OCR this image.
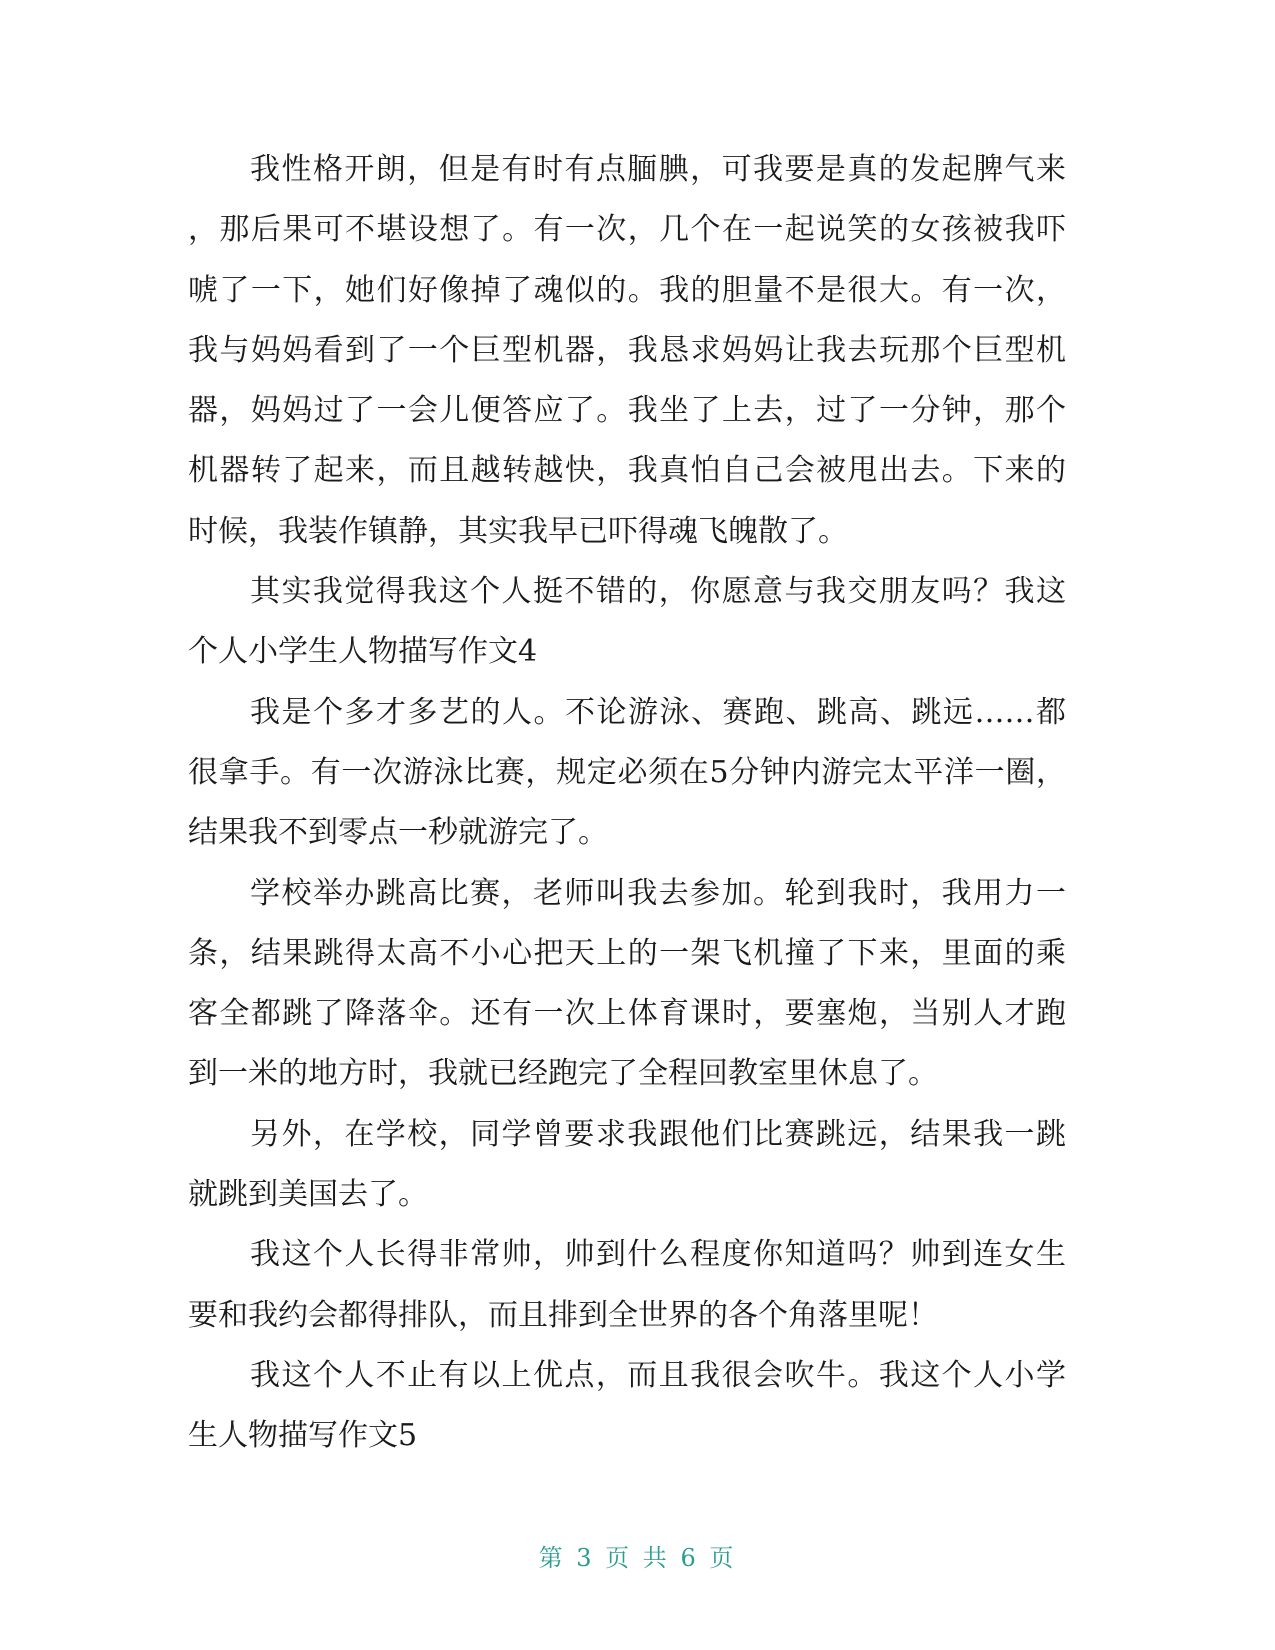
我性格开朗，但是有时有点腼腆，可我要是真的发起脾气来
，那后果可不堪设想了。有一次，几个在一起说笑的女孩被我吓
唬了一下，她们好像掉了魂似的。我的胆量不是很大。有一次，
我与妈妈看到了一个巨型机器，我恳求妈妈让我去玩那个巨型机
器，妈妈过了一会儿便答应了。我坐了上去，过了一分钟，那个
机器转了起来，而且越转越快，我真怕自己会被甩出去。下来的
时候，我装作镇静，其实我早已吓得魂飞魄散了。
其实我觉得我这个人挺不错的，你愿意与我交朋友吗？我这
个人小学生人物描写作文4
我是个多才多艺的人。不论游泳、赛跑、跳高、跳远……都
很拿手。有一次游泳比赛，规定必须在5分钟内游完太平洋一圈，
结果我不到零点一秒就游完了。
学校举办跳高比赛，老师叫我去参加。轮到我时，我用力一
条，结果跳得太高不小心把天上的一架飞机撞了下来，里面的乘
客全都跳了降落伞。还有一次上体育课时，要塞炮，当别人才跑
到一米的地方时，我就已经跑完了全程回教室里休息了。
另外，在学校，同学曾要求我跟他们比赛跳远，结果我一跳
就跳到美国去了。
我这个人长得非常帅，帅到什么程度你知道吗？帅到连女生
要和我约会都得排队，而且排到全世界的各个角落里呢！
我这个人不止有以上优点，而且我很会吹牛。我这个人小学
生人物描写作文5
第 3 页 共 6 页
